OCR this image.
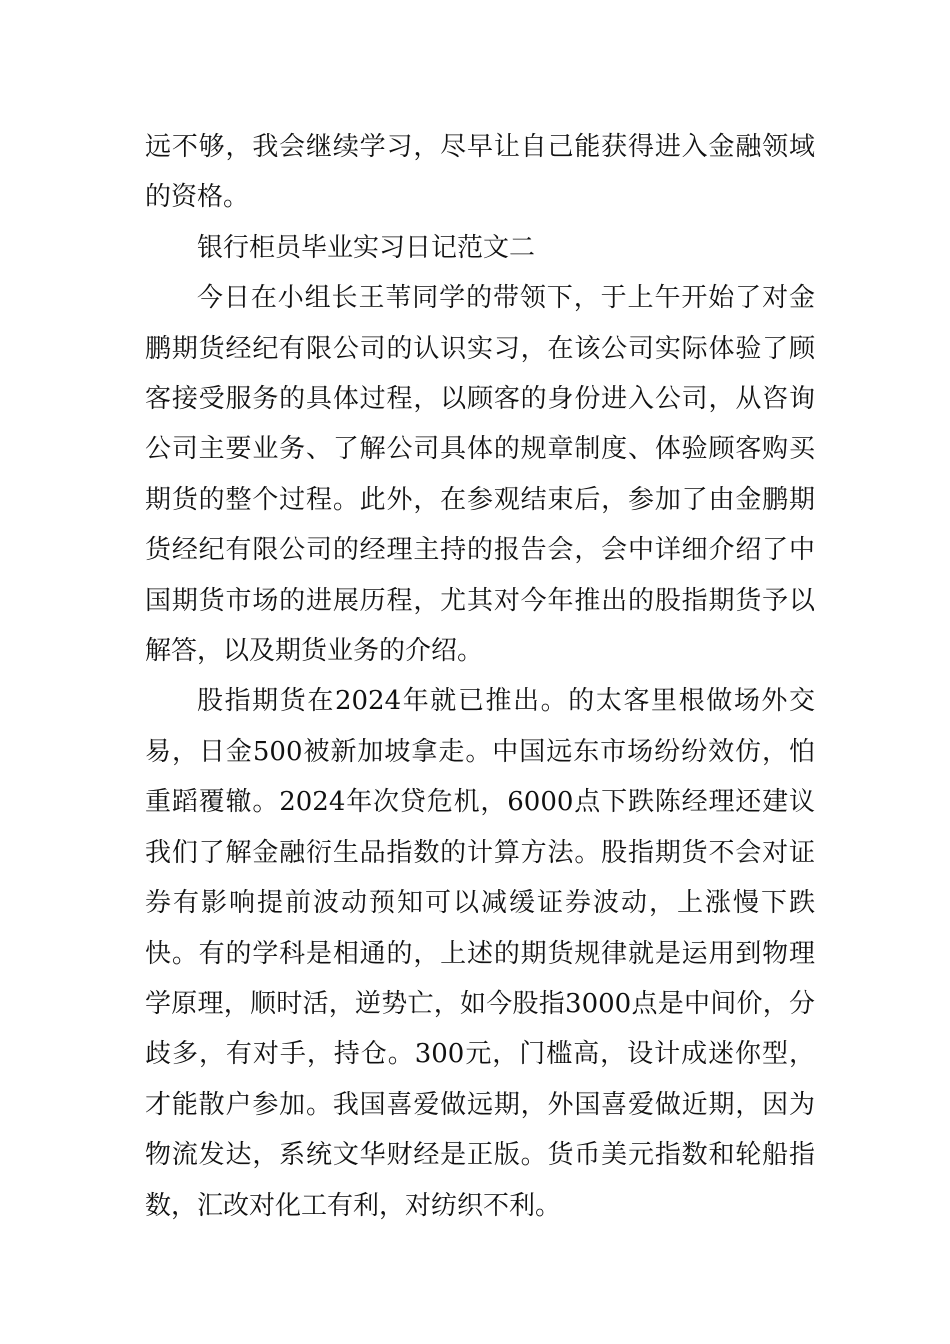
远不够，我会继续学习，尽早让自己能获得进入金融领域的资格。

银行柜员毕业实习日记范文二

今日在小组长王苇同学的带领下，于上午开始了对金鹏期货经纪有限公司的认识实习，在该公司实际体验了顾客接受服务的具体过程，以顾客的身份进入公司，从咨询公司主要业务、了解公司具体的规章制度、体验顾客购买期货的整个过程。此外，在参观结束后，参加了由金鹏期货经纪有限公司的经理主持的报告会，会中详细介绍了中国期货市场的进展历程，尤其对今年推出的股指期货予以解答，以及期货业务的介绍。

股指期货在2024年就已推出。的太客里根做场外交易，日金500被新加坡拿走。中国远东市场纷纷效仿，怕重蹈覆辙。2024年次贷危机，6000点下跌陈经理还建议我们了解金融衍生品指数的计算方法。股指期货不会对证券有影响提前波动预知可以减缓证券波动，上涨慢下跌快。有的学科是相通的，上述的期货规律就是运用到物理学原理，顺时活，逆势亡，如今股指3000点是中间价，分歧多，有对手，持仓。300元，门槛高，设计成迷你型，才能散户参加。我国喜爱做远期，外国喜爱做近期，因为物流发达，系统文华财经是正版。货币美元指数和轮船指数，汇改对化工有利，对纺织不利。
